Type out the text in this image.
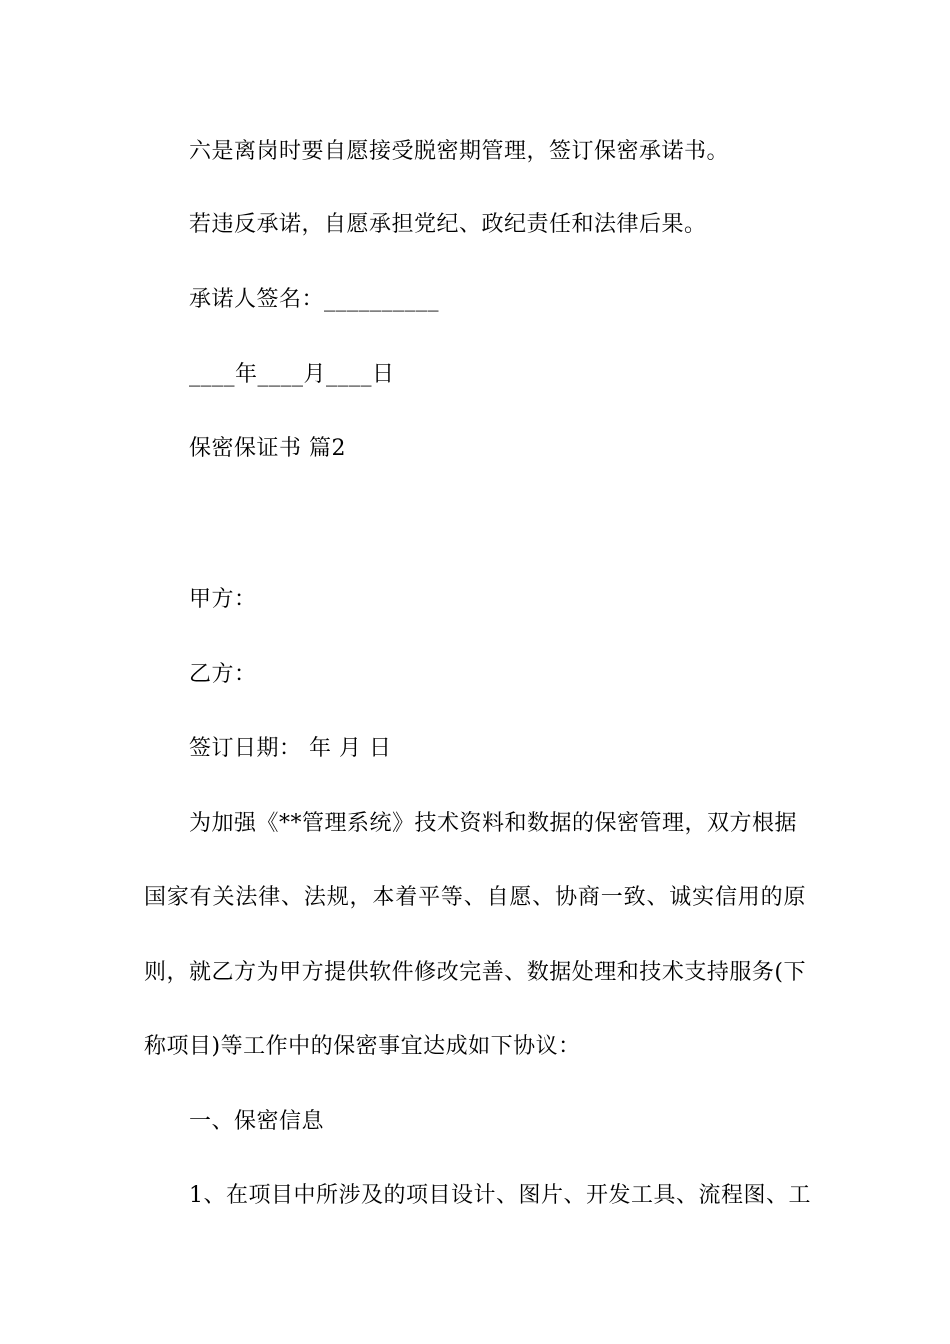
六是离岗时要自愿接受脱密期管理，签订保密承诺书。
若违反承诺，自愿承担党纪、政纪责任和法律后果。
承诺人签名：__________
____年____月____日
保密保证书 篇2
甲方：
乙方：
签订日期： 年 月 日
为加强《**管理系统》技术资料和数据的保密管理，双方根据
国家有关法律、法规，本着平等、自愿、协商一致、诚实信用的原
则，就乙方为甲方提供软件修改完善、数据处理和技术支持服务(下
称项目)等工作中的保密事宜达成如下协议：
一、保密信息
1、在项目中所涉及的项目设计、图片、开发工具、流程图、工
